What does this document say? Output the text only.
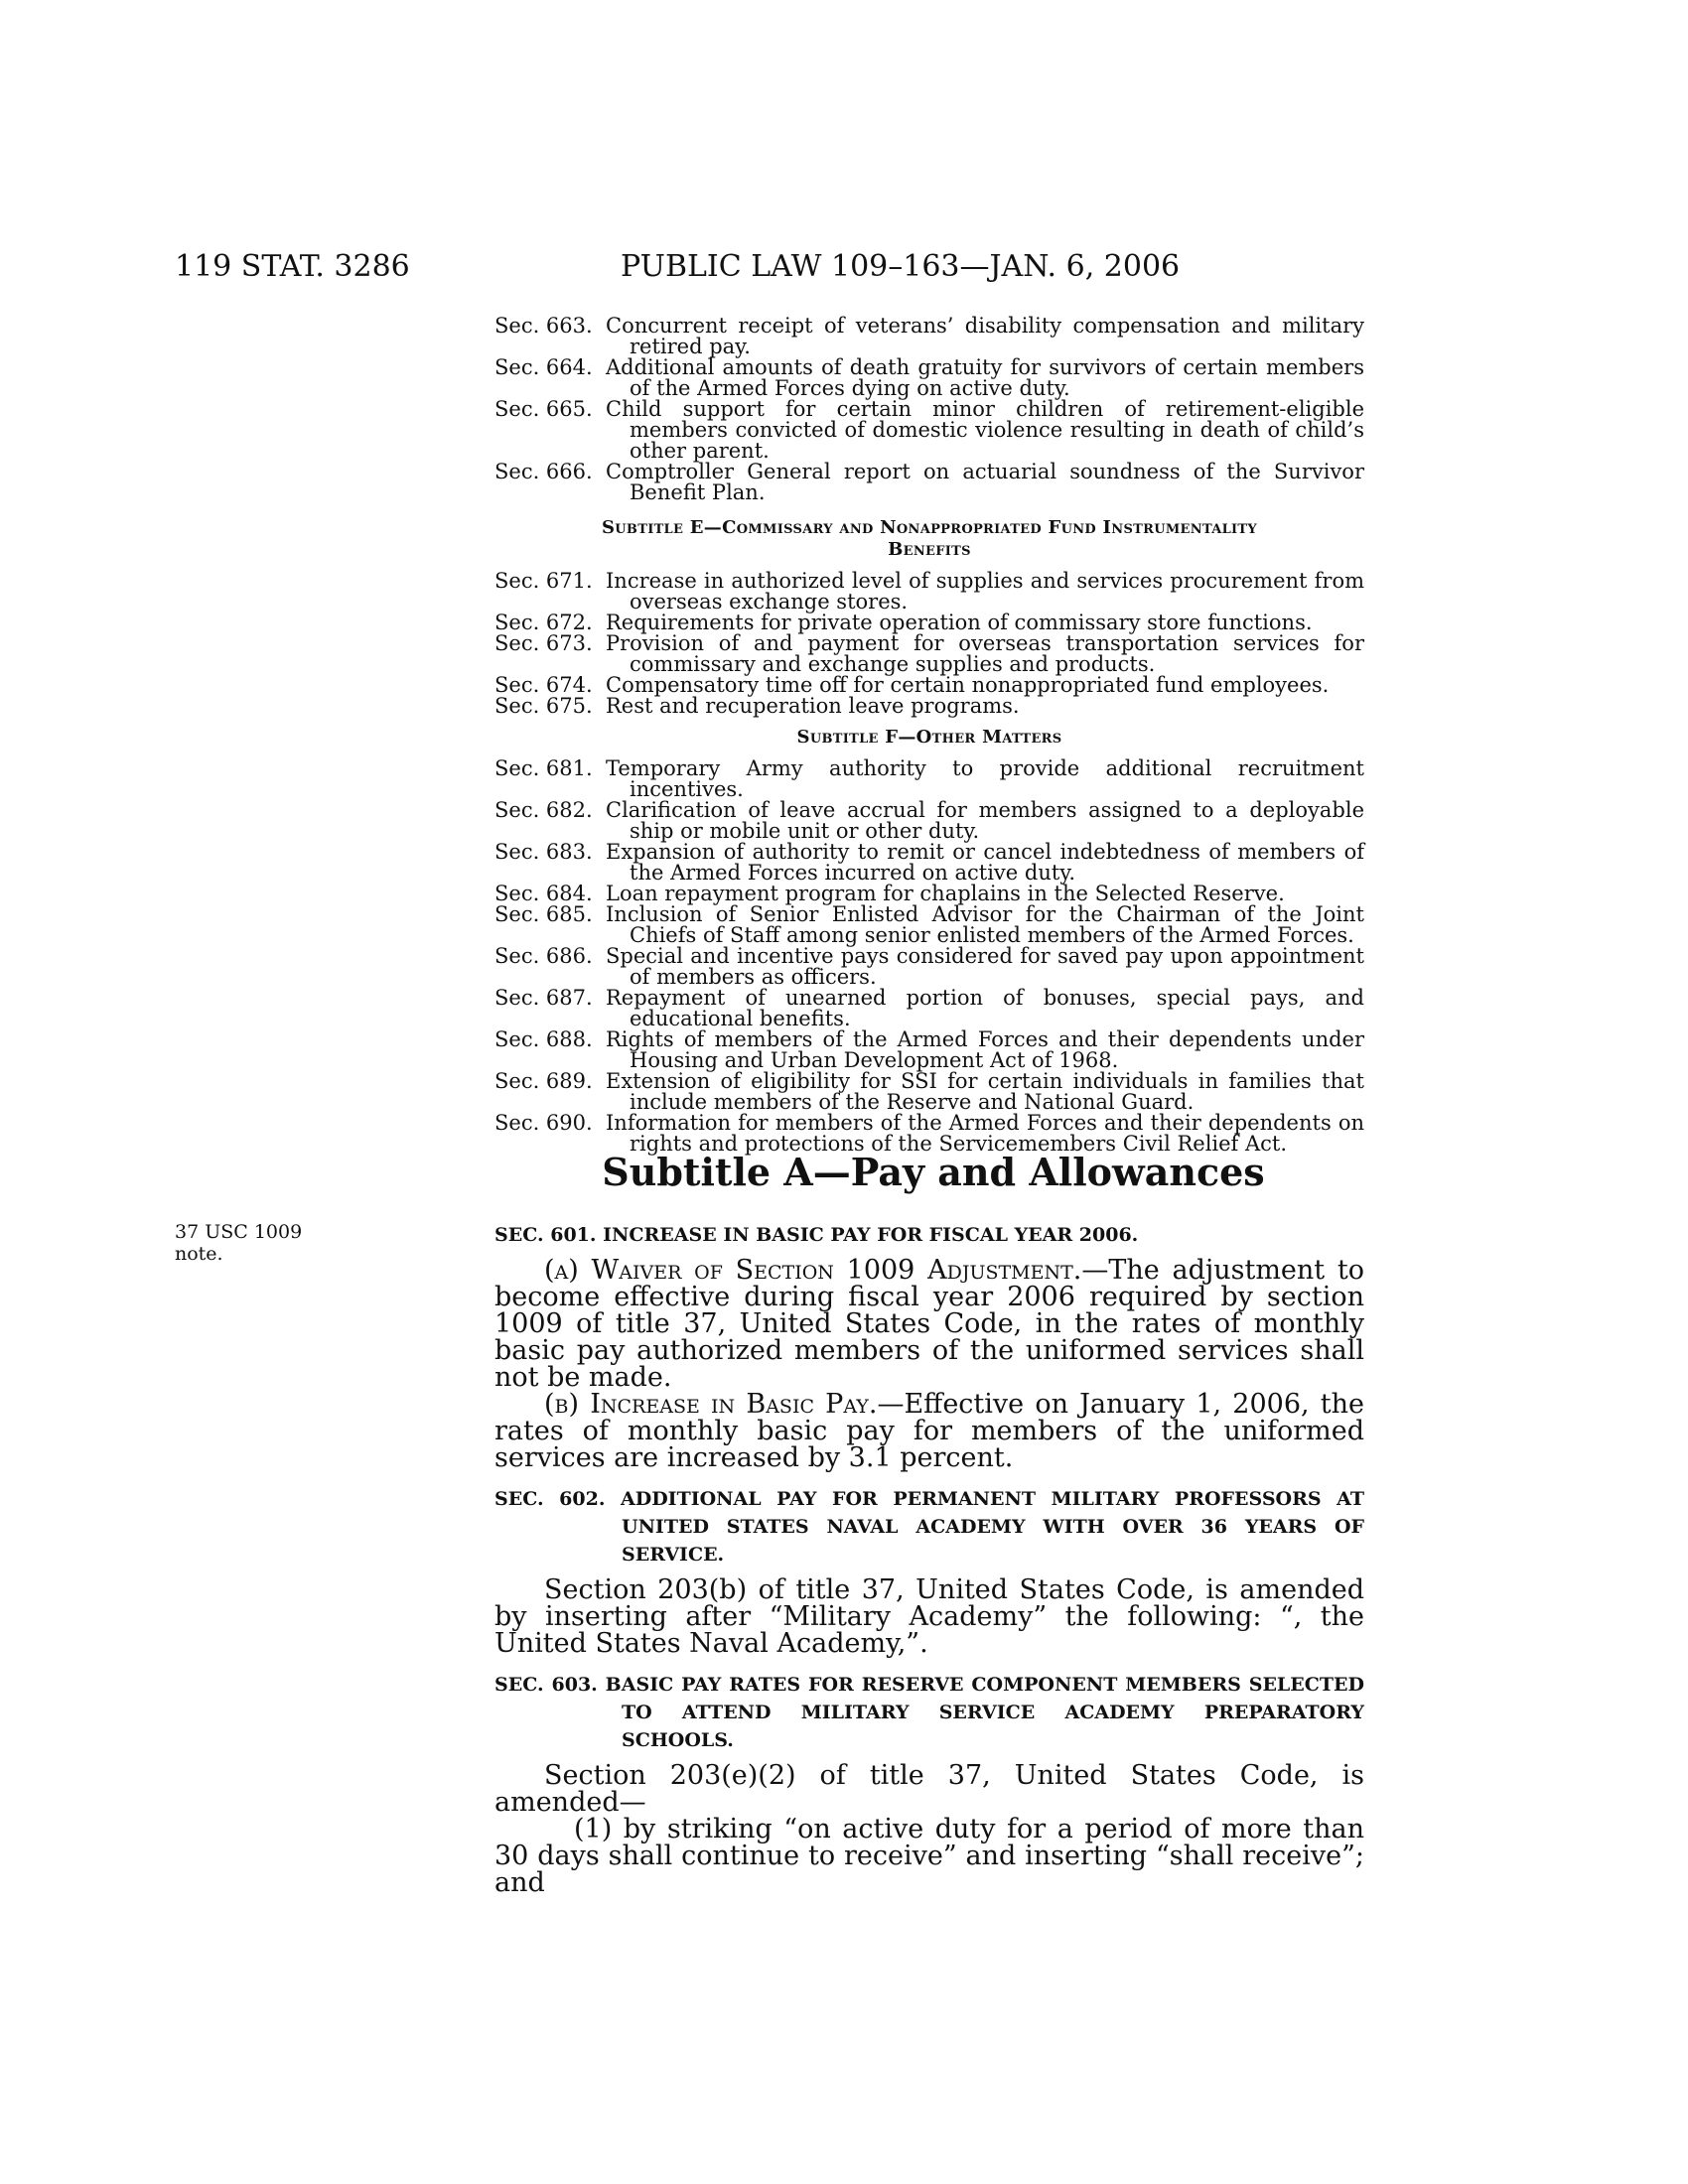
119 STAT. 3286	PUBLIC LAW 109–163—JAN. 6, 2006
Sec. 663. Concurrent receipt of veterans’ disability compensation and military retired pay.
Sec. 664. Additional amounts of death gratuity for survivors of certain members of the Armed Forces dying on active duty.
Sec. 665. Child support for certain minor children of retirement-eligible members convicted of domestic violence resulting in death of child’s other parent.
Sec. 666. Comptroller General report on actuarial soundness of the Survivor Benefit Plan.
Subtitle E—Commissary and Nonappropriated Fund Instrumentality
Benefits
Sec. 671. Increase in authorized level of supplies and services procurement from overseas exchange stores.
Sec. 672. Requirements for private operation of commissary store functions.
Sec. 673. Provision of and payment for overseas transportation services for commissary and exchange supplies and products.
Sec. 674. Compensatory time off for certain nonappropriated fund employees.
Sec. 675. Rest and recuperation leave programs.
Subtitle F—Other Matters
Sec. 681. Temporary Army authority to provide additional recruitment incentives.
Sec. 682. Clarification of leave accrual for members assigned to a deployable ship or mobile unit or other duty.
Sec. 683. Expansion of authority to remit or cancel indebtedness of members of the Armed Forces incurred on active duty.
Sec. 684. Loan repayment program for chaplains in the Selected Reserve.
Sec. 685. Inclusion of Senior Enlisted Advisor for the Chairman of the Joint Chiefs of Staff among senior enlisted members of the Armed Forces.
Sec. 686. Special and incentive pays considered for saved pay upon appointment of members as officers.
Sec. 687. Repayment of unearned portion of bonuses, special pays, and educational benefits.
Sec. 688. Rights of members of the Armed Forces and their dependents under Housing and Urban Development Act of 1968.
Sec. 689. Extension of eligibility for SSI for certain individuals in families that include members of the Reserve and National Guard.
Sec. 690. Information for members of the Armed Forces and their dependents on rights and protections of the Servicemembers Civil Relief Act.
Subtitle A—Pay and Allowances
37 USC 1009
note.
SEC. 601. INCREASE IN BASIC PAY FOR FISCAL YEAR 2006.

(a) Waiver of Section 1009 Adjustment.—The adjustment to become effective during fiscal year 2006 required by section 1009 of title 37, United States Code, in the rates of monthly basic pay authorized members of the uniformed services shall not be made.

(b) Increase in Basic Pay.—Effective on January 1, 2006, the rates of monthly basic pay for members of the uniformed services are increased by 3.1 percent.

SEC. 602. ADDITIONAL PAY FOR PERMANENT MILITARY PROFESSORS AT UNITED STATES NAVAL ACADEMY WITH OVER 36 YEARS OF SERVICE.

Section 203(b) of title 37, United States Code, is amended by inserting after “Military Academy” the following: “, the United States Naval Academy,”.

SEC. 603. BASIC PAY RATES FOR RESERVE COMPONENT MEMBERS SELECTED TO ATTEND MILITARY SERVICE ACADEMY PREPARATORY SCHOOLS.

Section 203(e)(2) of title 37, United States Code, is amended—

(1) by striking “on active duty for a period of more than 30 days shall continue to receive” and inserting “shall receive”; and
